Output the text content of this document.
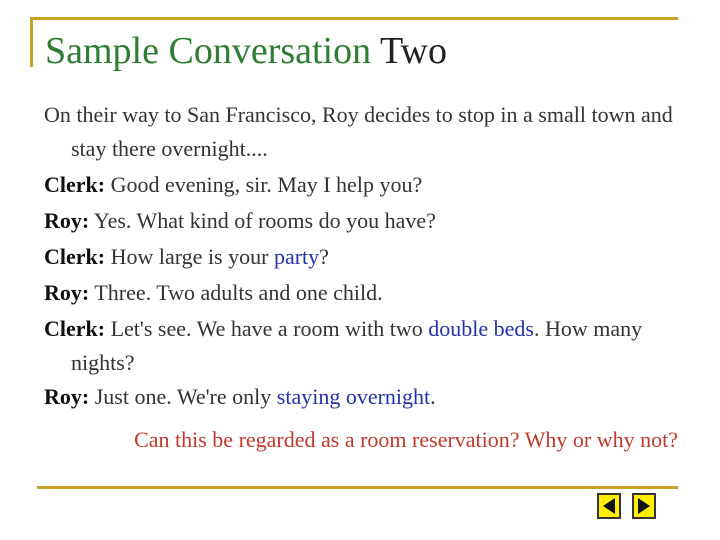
Sample Conversation Two

On their way to San Francisco, Roy decides to stop in a small town and stay there overnight....

Clerk: Good evening, sir. May I help you?

Roy: Yes. What kind of rooms do you have?

Clerk: How large is your party?

Roy: Three. Two adults and one child.

Clerk: Let's see. We have a room with two double beds. How many nights?

Roy: Just one. We're only staying overnight.

Can this be regarded as a room reservation? Why or why not?
